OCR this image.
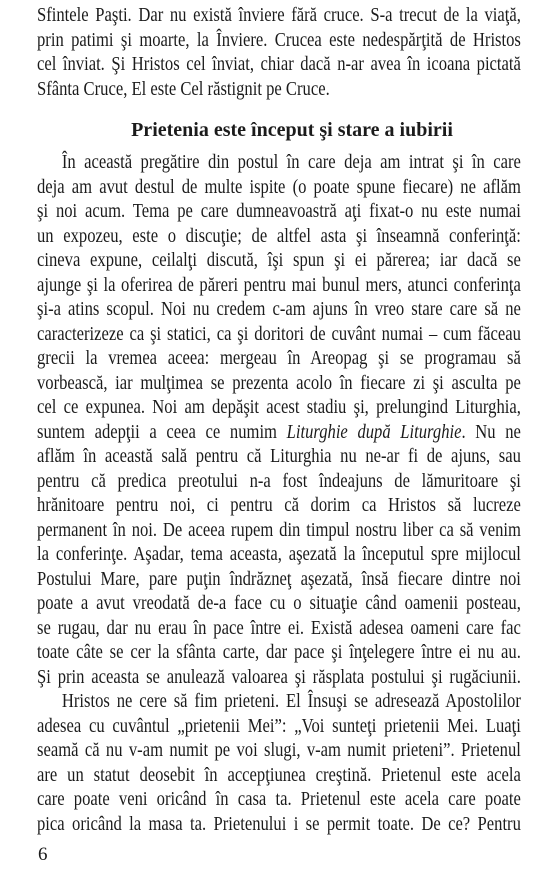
Sfintele Paşti. Dar nu există înviere fără cruce. S-a trecut de la viaţă,
prin patimi şi moarte, la Înviere. Crucea este nedespărţită de Hristos
cel înviat. Şi Hristos cel înviat, chiar dacă n-ar avea în icoana pictată
Sfânta Cruce, El este Cel răstignit pe Cruce.
Prietenia este început şi stare a iubirii
În această pregătire din postul în care deja am intrat şi în care
deja am avut destul de multe ispite (o poate spune fiecare) ne aflăm
şi noi acum. Tema pe care dumneavoastră aţi fixat-o nu este numai
un expozeu, este o discuţie; de altfel asta şi înseamnă conferinţă:
cineva expune, ceilalţi discută, îşi spun şi ei părerea; iar dacă se
ajunge şi la oferirea de păreri pentru mai bunul mers, atunci conferinţa
şi-a atins scopul. Noi nu credem c-am ajuns în vreo stare care să ne
caracterizeze ca şi statici, ca şi doritori de cuvânt numai – cum făceau
grecii la vremea aceea: mergeau în Areopag şi se programau să
vorbească, iar mulţimea se prezenta acolo în fiecare zi şi asculta pe
cel ce expunea. Noi am depăşit acest stadiu şi, prelungind Liturghia,
suntem adepţii a ceea ce numim Liturghie după Liturghie. Nu ne
aflăm în această sală pentru că Liturghia nu ne-ar fi de ajuns, sau
pentru că predica preotului n-a fost îndeajuns de lămuritoare şi
hrănitoare pentru noi, ci pentru că dorim ca Hristos să lucreze
permanent în noi. De aceea rupem din timpul nostru liber ca să venim
la conferinţe. Aşadar, tema aceasta, aşezată la începutul spre mijlocul
Postului Mare, pare puţin îndrăzneţ aşezată, însă fiecare dintre noi
poate a avut vreodată de-a face cu o situaţie când oamenii posteau,
se rugau, dar nu erau în pace între ei. Există adesea oameni care fac
toate câte se cer la sfânta carte, dar pace şi înţelegere între ei nu au.
Şi prin aceasta se anulează valoarea şi răsplata postului şi rugăciunii.
Hristos ne cere să fim prieteni. El Însuşi se adresează Apostolilor
adesea cu cuvântul „prietenii Mei”: „Voi sunteţi prietenii Mei. Luaţi
seamă că nu v-am numit pe voi slugi, v-am numit prieteni”. Prietenul
are un statut deosebit în accepţiunea creştină. Prietenul este acela
care poate veni oricând în casa ta. Prietenul este acela care poate
pica oricând la masa ta. Prietenului i se permit toate. De ce? Pentru
6
